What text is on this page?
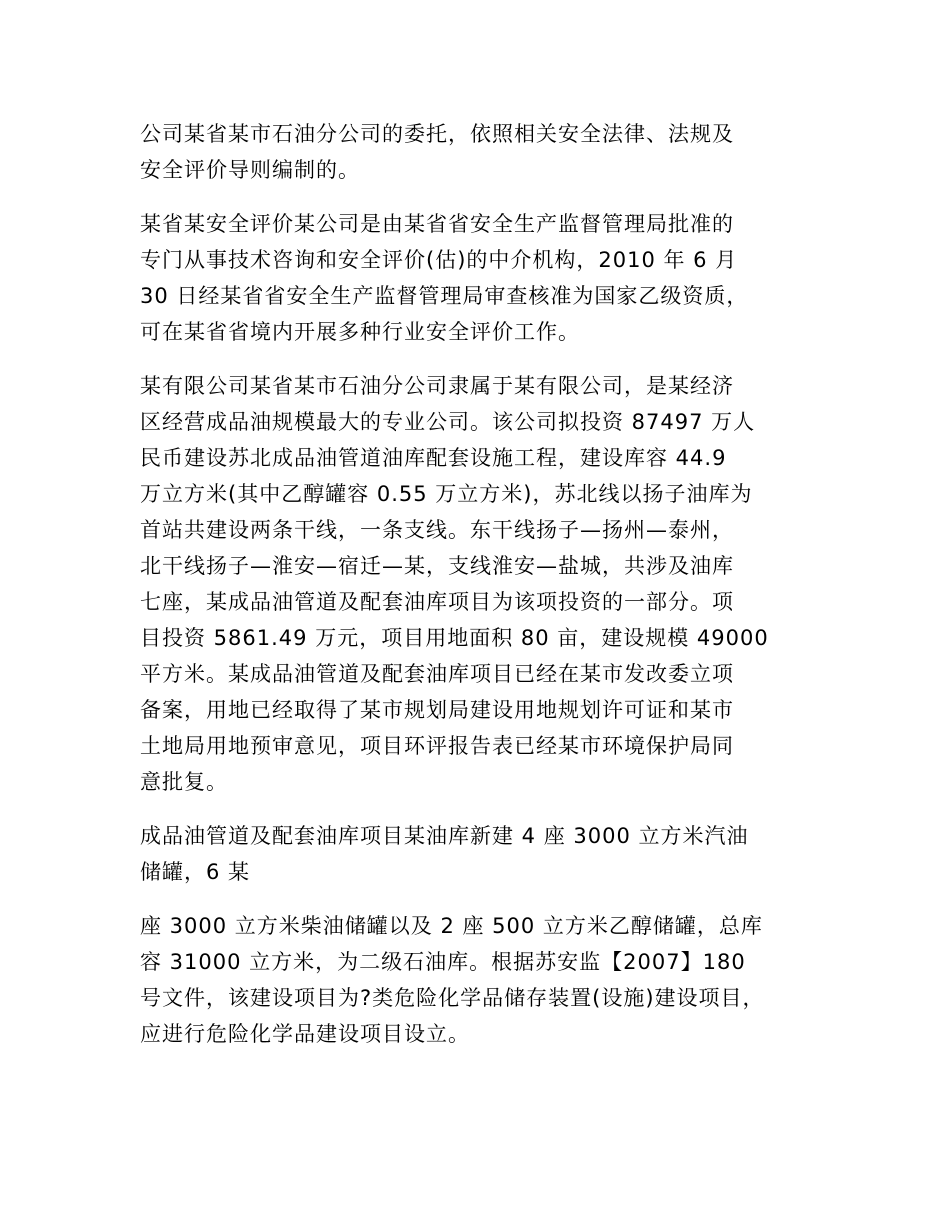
公司某省某市石油分公司的委托，依照相关安全法律、法规及
安全评价导则编制的。

某省某安全评价某公司是由某省省安全生产监督管理局批准的
专门从事技术咨询和安全评价(估)的中介机构，2010 年 6 月
30 日经某省省安全生产监督管理局审查核准为国家乙级资质，
可在某省省境内开展多种行业安全评价工作。

某有限公司某省某市石油分公司隶属于某有限公司，是某经济
区经营成品油规模最大的专业公司。该公司拟投资 87497 万人
民币建设苏北成品油管道油库配套设施工程，建设库容 44.9
万立方米(其中乙醇罐容 0.55 万立方米)，苏北线以扬子油库为
首站共建设两条干线，一条支线。东干线扬子—扬州—泰州，
北干线扬子—淮安—宿迁—某，支线淮安—盐城，共涉及油库
七座，某成品油管道及配套油库项目为该项投资的一部分。项
目投资 5861.49 万元，项目用地面积 80 亩，建设规模 49000
平方米。某成品油管道及配套油库项目已经在某市发改委立项
备案，用地已经取得了某市规划局建设用地规划许可证和某市
土地局用地预审意见，项目环评报告表已经某市环境保护局同
意批复。

成品油管道及配套油库项目某油库新建 4 座 3000 立方米汽油
储罐，6 某

座 3000 立方米柴油储罐以及 2 座 500 立方米乙醇储罐，总库
容 31000 立方米，为二级石油库。根据苏安监【2007】180
号文件，该建设项目为?类危险化学品储存装置(设施)建设项目，
应进行危险化学品建设项目设立。
